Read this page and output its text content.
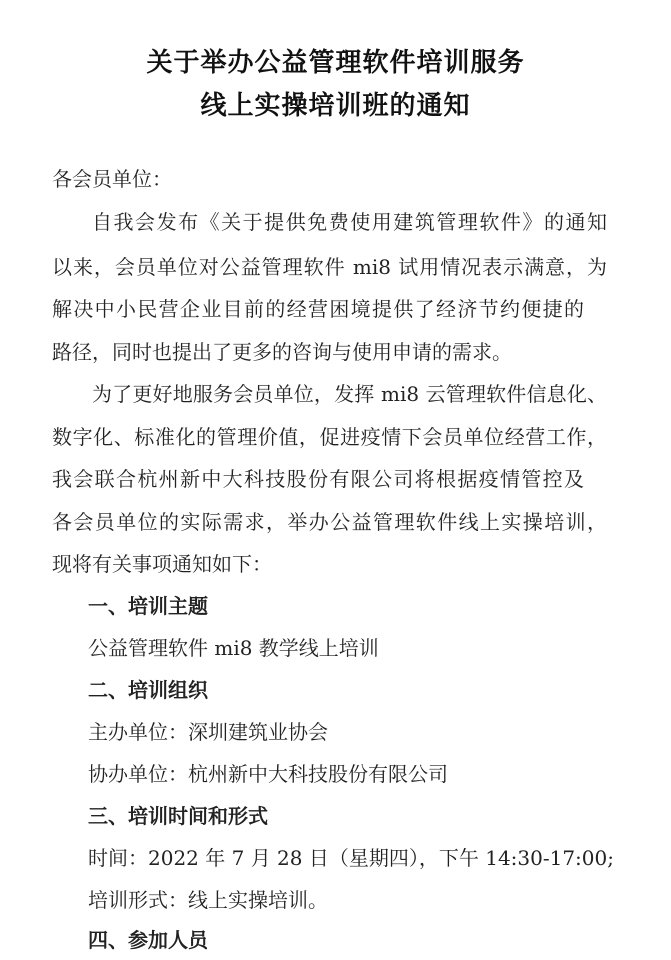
关于举办公益管理软件培训服务
线上实操培训班的通知
各会员单位：
自我会发布《关于提供免费使用建筑管理软件》的通知
以来，会员单位对公益管理软件 mi8 试用情况表示满意，为
解决中小民营企业目前的经营困境提供了经济节约便捷的
路径，同时也提出了更多的咨询与使用申请的需求。
为了更好地服务会员单位，发挥 mi8 云管理软件信息化、
数字化、标准化的管理价值，促进疫情下会员单位经营工作，
我会联合杭州新中大科技股份有限公司将根据疫情管控及
各会员单位的实际需求，举办公益管理软件线上实操培训，
现将有关事项通知如下：
一、培训主题
公益管理软件 mi8 教学线上培训
二、培训组织
主办单位：深圳建筑业协会
协办单位：杭州新中大科技股份有限公司
三、培训时间和形式
时间：2022 年 7 月 28 日（星期四），下午 14:30-17:00;
培训形式：线上实操培训。
四、参加人员
